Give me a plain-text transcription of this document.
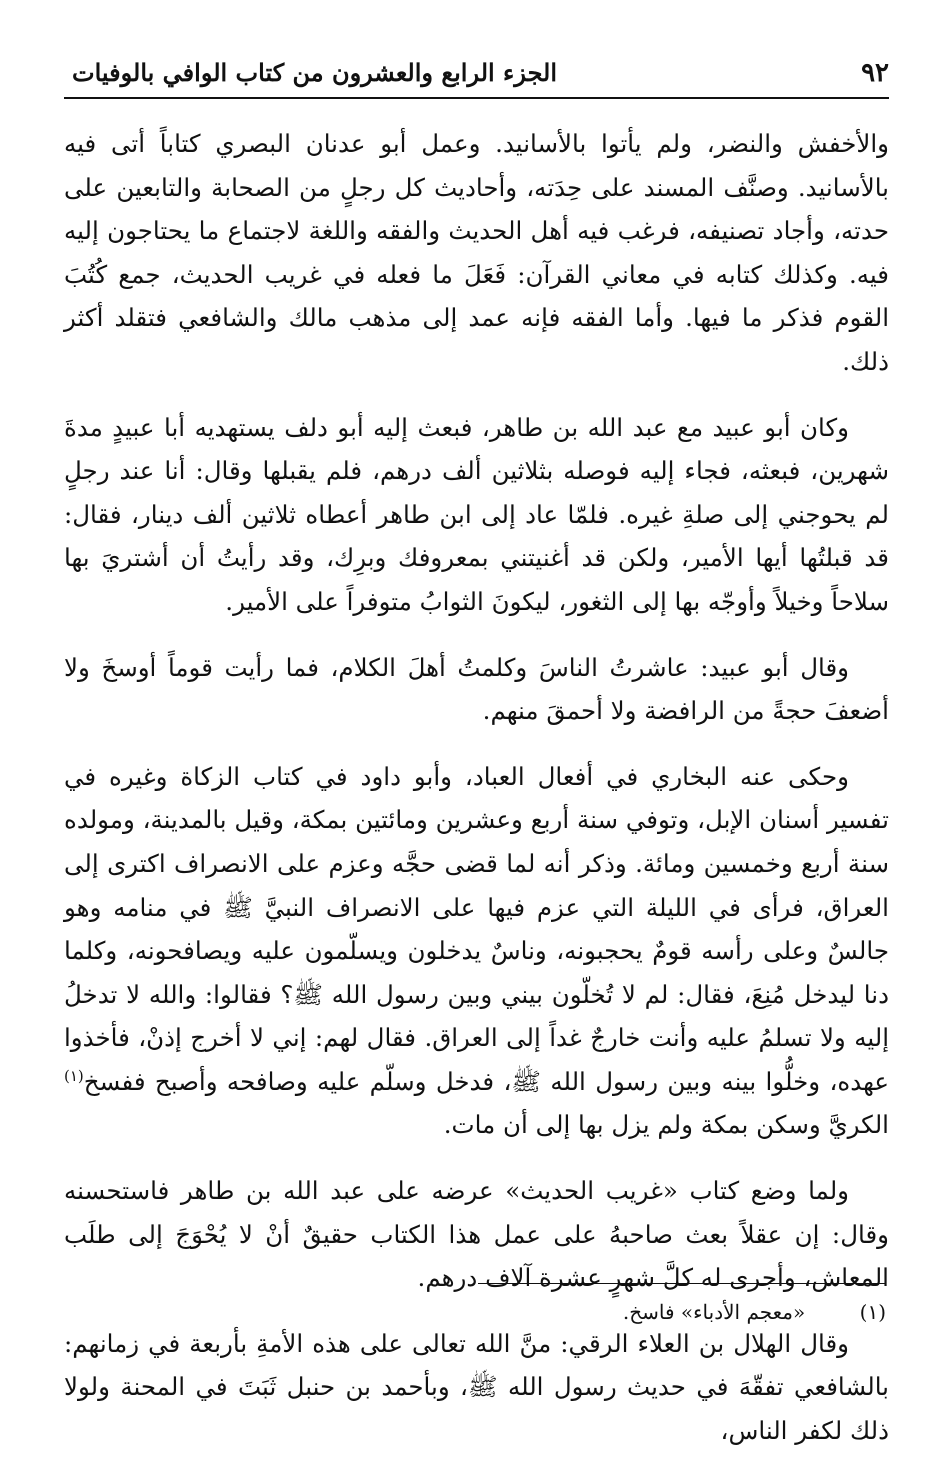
٩٢
الجزء الرابع والعشرون من كتاب الوافي بالوفيات

والأخفش والنضر، ولم يأتوا بالأسانيد. وعمل أبو عدنان البصري كتاباً أتى فيه بالأسانيد. وصنَّف المسند على حِدَته، وأحاديث كل رجلٍ من الصحابة والتابعين على حدته، وأجاد تصنيفه، فرغب فيه أهل الحديث والفقه واللغة لاجتماع ما يحتاجون إليه فيه. وكذلك كتابه في معاني القرآن: فَعَلَ ما فعله في غريب الحديث، جمع كُتُبَ القوم فذكر ما فيها. وأما الفقه فإنه عمد إلى مذهب مالك والشافعي فتقلد أكثر ذلك.

وكان أبو عبيد مع عبد الله بن طاهر، فبعث إليه أبو دلف يستهديه أبا عبيدٍ مدةَ شهرين، فبعثه، فجاء إليه فوصله بثلاثين ألف درهم، فلم يقبلها وقال: أنا عند رجلٍ لم يحوجني إلى صلةِ غيره. فلمّا عاد إلى ابن طاهر أعطاه ثلاثين ألف دينار، فقال: قد قبلتُها أيها الأمير، ولكن قد أغنيتني بمعروفك وبرِك، وقد رأيتُ أن أشتريَ بها سلاحاً وخيلاً وأوجّه بها إلى الثغور، ليكونَ الثوابُ متوفراً على الأمير.

وقال أبو عبيد: عاشرتُ الناسَ وكلمتُ أهلَ الكلام، فما رأيت قوماً أوسخَ ولا أضعفَ حجةً من الرافضة ولا أحمقَ منهم.

وحكى عنه البخاري في أفعال العباد، وأبو داود في كتاب الزكاة وغيره في تفسير أسنان الإبل، وتوفي سنة أربع وعشرين ومائتين بمكة، وقيل بالمدينة، ومولده سنة أربع وخمسين ومائة. وذكر أنه لما قضى حجَّه وعزم على الانصراف اكترى إلى العراق، فرأى في الليلة التي عزم فيها على الانصراف النبيَّ ﷺ في منامه وهو جالسٌ وعلى رأسه قومٌ يحجبونه، وناسٌ يدخلون ويسلّمون عليه ويصافحونه، وكلما دنا ليدخل مُنِعَ، فقال: لم لا تُخلّون بيني وبين رسول الله ﷺ؟ فقالوا: والله لا تدخلُ إليه ولا تسلمُ عليه وأنت خارجٌ غداً إلى العراق. فقال لهم: إني لا أخرج إذنْ، فأخذوا عهده، وخلُّوا بينه وبين رسول الله ﷺ، فدخل وسلّم عليه وصافحه وأصبح ففسخ$^{(١)}$ الكريَّ وسكن بمكة ولم يزل بها إلى أن مات.

ولما وضع كتاب «غريب الحديث» عرضه على عبد الله بن طاهر فاستحسنه وقال: إن عقلاً بعث صاحبهُ على عمل هذا الكتاب حقيقٌ أنْ لا يُحْوَجَ إلى طلَب المعاش، وأجرى له كلَّ شهرٍ عشرة آلاف درهم.

وقال الهلال بن العلاء الرقي: منَّ الله تعالى على هذه الأمةِ بأربعة في زمانهم: بالشافعي تفقّهَ في حديث رسول الله ﷺ، وبأحمد بن حنبل ثَبَتَ في المحنة ولولا ذلك لكفر الناس،

(١) «معجم الأدباء» فاسخ.
